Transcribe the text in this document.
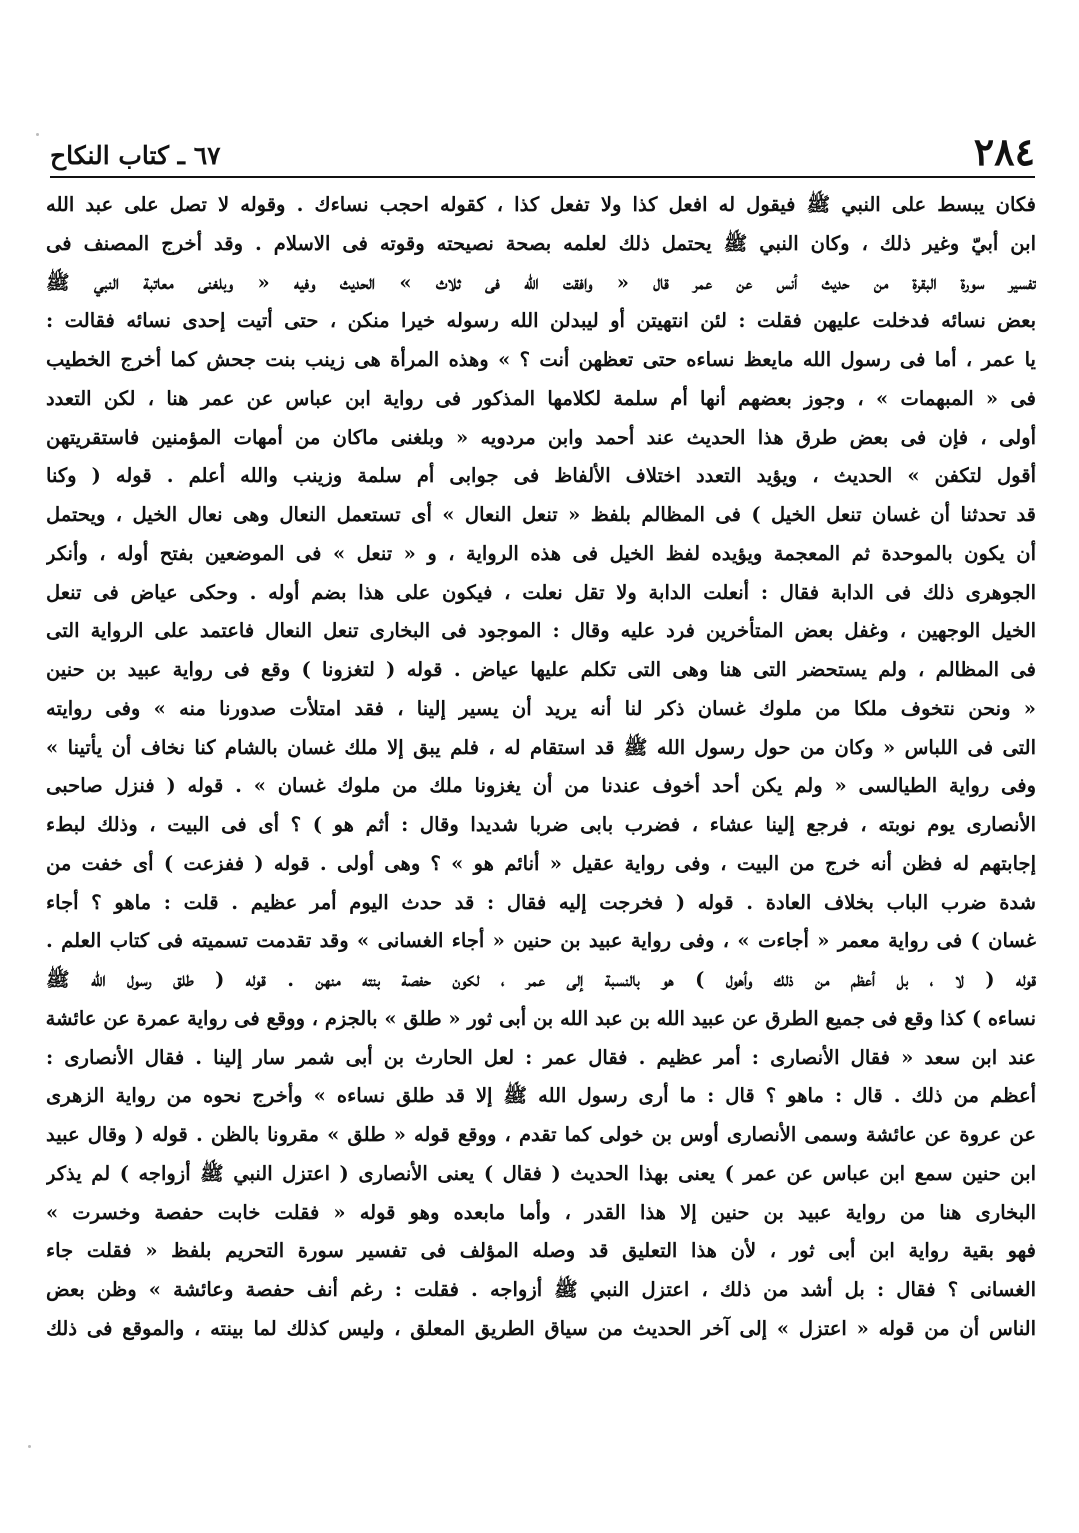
٢٨٤
٦٧ ـ كتاب النكاح
فكان يبسط على النبي ﷺ فيقول له افعل كذا ولا تفعل كذا ، كقوله احجب نساءك . وقوله لا تصل على عبد الله
ابن أبيّ وغير ذلك ، وكان النبي ﷺ يحتمل ذلك لعلمه بصحة نصيحته وقوته فى الاسلام . وقد أخرج المصنف فى
تفسير سورة البقرة من حديث أنس عن عمر قال « وافقت الله فى ثلاث » الحديث وفيه « وبلغنى معاتبة النبي ﷺ
بعض نسائه فدخلت عليهن فقلت : لئن انتهيتن أو ليبدلن الله رسوله خيرا منكن ، حتى أتيت إحدى نسائه فقالت :
يا عمر ، أما فى رسول الله مايعظ نساءه حتى تعظهن أنت ؟ » وهذه المرأة هى زينب بنت جحش كما أخرج الخطيب
فى « المبهمات » ، وجوز بعضهم أنها أم سلمة لكلامها المذكور فى رواية ابن عباس عن عمر هنا ، لكن التعدد
أولى ، فإن فى بعض طرق هذا الحديث عند أحمد وابن مردويه « وبلغنى ماكان من أمهات المؤمنين فاستقريتهن
أقول لتكفن » الحديث ، ويؤيد التعدد اختلاف الألفاظ فى جوابى أم سلمة وزينب والله أعلم . قوله ( وكنا
قد تحدثنا أن غسان تنعل الخيل ) فى المظالم بلفظ « تنعل النعال » أى تستعمل النعال وهى نعال الخيل ، ويحتمل
أن يكون بالموحدة ثم المعجمة ويؤيده لفظ الخيل فى هذه الرواية ، و « تنعل » فى الموضعين بفتح أوله ، وأنكر
الجوهرى ذلك فى الدابة فقال : أنعلت الدابة ولا تقل نعلت ، فيكون على هذا بضم أوله . وحكى عياض فى تنعل
الخيل الوجهين ، وغفل بعض المتأخرين فرد عليه وقال : الموجود فى البخارى تنعل النعال فاعتمد على الرواية التى
فى المظالم ، ولم يستحضر التى هنا وهى التى تكلم عليها عياض . قوله ( لتغزونا ) وقع فى رواية عبيد بن حنين
« ونحن نتخوف ملكا من ملوك غسان ذكر لنا أنه يريد أن يسير إلينا ، فقد امتلأت صدورنا منه » وفى روايته
التى فى اللباس « وكان من حول رسول الله ﷺ قد استقام له ، فلم يبق إلا ملك غسان بالشام كنا نخاف أن يأتينا »
وفى رواية الطيالسى « ولم يكن أحد أخوف عندنا من أن يغزونا ملك من ملوك غسان » . قوله ( فنزل صاحبى
الأنصارى يوم نوبته ، فرجع إلينا عشاء ، فضرب بابى ضربا شديدا وقال : أثم هو ) ؟ أى فى البيت ، وذلك لبطء
إجابتهم له فظن أنه خرج من البيت ، وفى رواية عقيل « أنائم هو » ؟ وهى أولى . قوله ( ففزعت ) أى خفت من
شدة ضرب الباب بخلاف العادة . قوله ( فخرجت إليه فقال : قد حدث اليوم أمر عظيم . قلت : ماهو ؟ أجاء
غسان ) فى رواية معمر « أجاءت » ، وفى رواية عبيد بن حنين « أجاء الغسانى » وقد تقدمت تسميته فى كتاب العلم .
قوله ( لا ، بل أعظم من ذلك وأهول ) هو بالنسبة إلى عمر ، لكون حفصة بنته منهن . قوله ( طلق رسول الله ﷺ
نساءه ) كذا وقع فى جميع الطرق عن عبيد الله بن عبد الله بن أبى ثور « طلق » بالجزم ، ووقع فى رواية عمرة عن عائشة
عند ابن سعد « فقال الأنصارى : أمر عظيم . فقال عمر : لعل الحارث بن أبى شمر سار إلينا . فقال الأنصارى :
أعظم من ذلك . قال : ماهو ؟ قال : ما أرى رسول الله ﷺ إلا قد طلق نساءه » وأخرج نحوه من رواية الزهرى
عن عروة عن عائشة وسمى الأنصارى أوس بن خولى كما تقدم ، ووقع قوله « طلق » مقرونا بالظن . قوله ( وقال عبيد
ابن حنين سمع ابن عباس عن عمر ) يعنى بهذا الحديث ( فقال ) يعنى الأنصارى ( اعتزل النبي ﷺ أزواجه ) لم يذكر
البخارى هنا من رواية عبيد بن حنين إلا هذا القدر ، وأما مابعده وهو قوله « فقلت خابت حفصة وخسرت »
فهو بقية رواية ابن أبى ثور ، لأن هذا التعليق قد وصله المؤلف فى تفسير سورة التحريم بلفظ « فقلت جاء
الغسانى ؟ فقال : بل أشد من ذلك ، اعتزل النبي ﷺ أزواجه . فقلت : رغم أنف حفصة وعائشة » وظن بعض
الناس أن من قوله « اعتزل » إلى آخر الحديث من سياق الطريق المعلق ، وليس كذلك لما بينته ، والموقع فى ذلك
